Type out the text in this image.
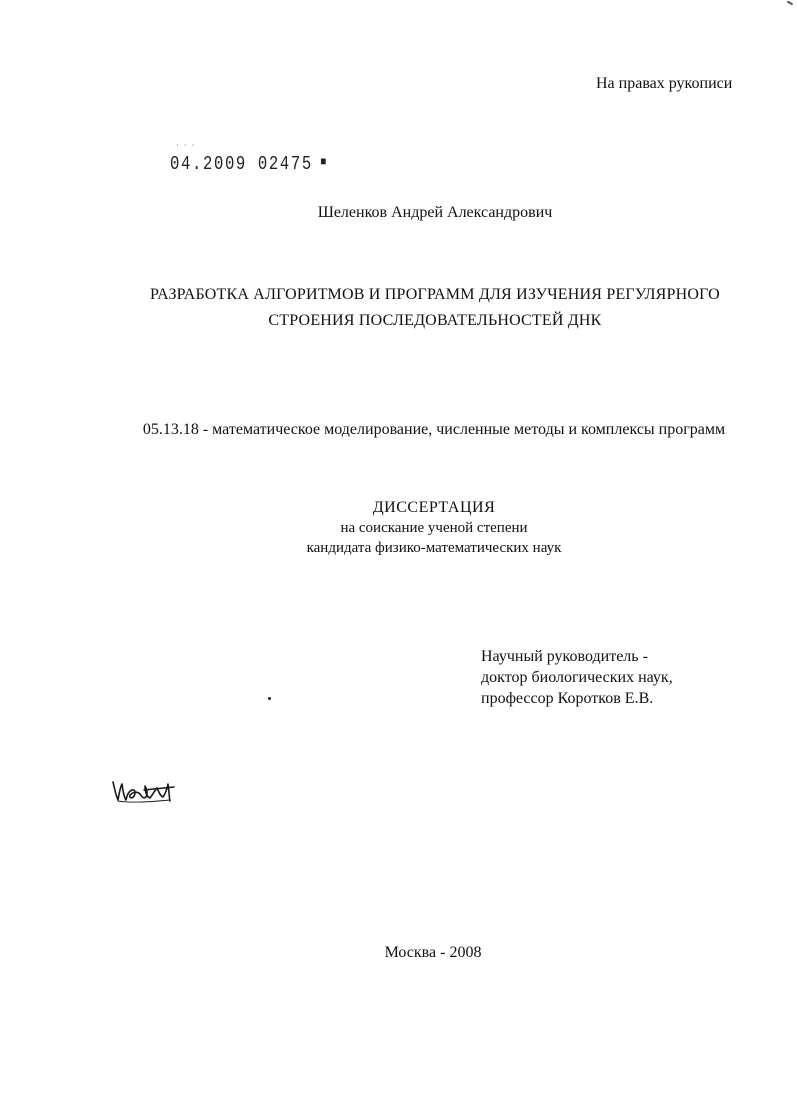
На правах рукописи
· · ·
04.2009 02475 ■
Шеленков Андрей Александрович
РАЗРАБОТКА АЛГОРИТМОВ И ПРОГРАММ ДЛЯ ИЗУЧЕНИЯ РЕГУЛЯРНОГО
СТРОЕНИЯ ПОСЛЕДОВАТЕЛЬНОСТЕЙ ДНК
05.13.18 - математическое моделирование, численные методы и комплексы программ
ДИССЕРТАЦИЯ
на соискание ученой степени
кандидата физико-математических наук
Научный руководитель -
доктор биологических наук,
профессор Коротков Е.В.
Москва - 2008
